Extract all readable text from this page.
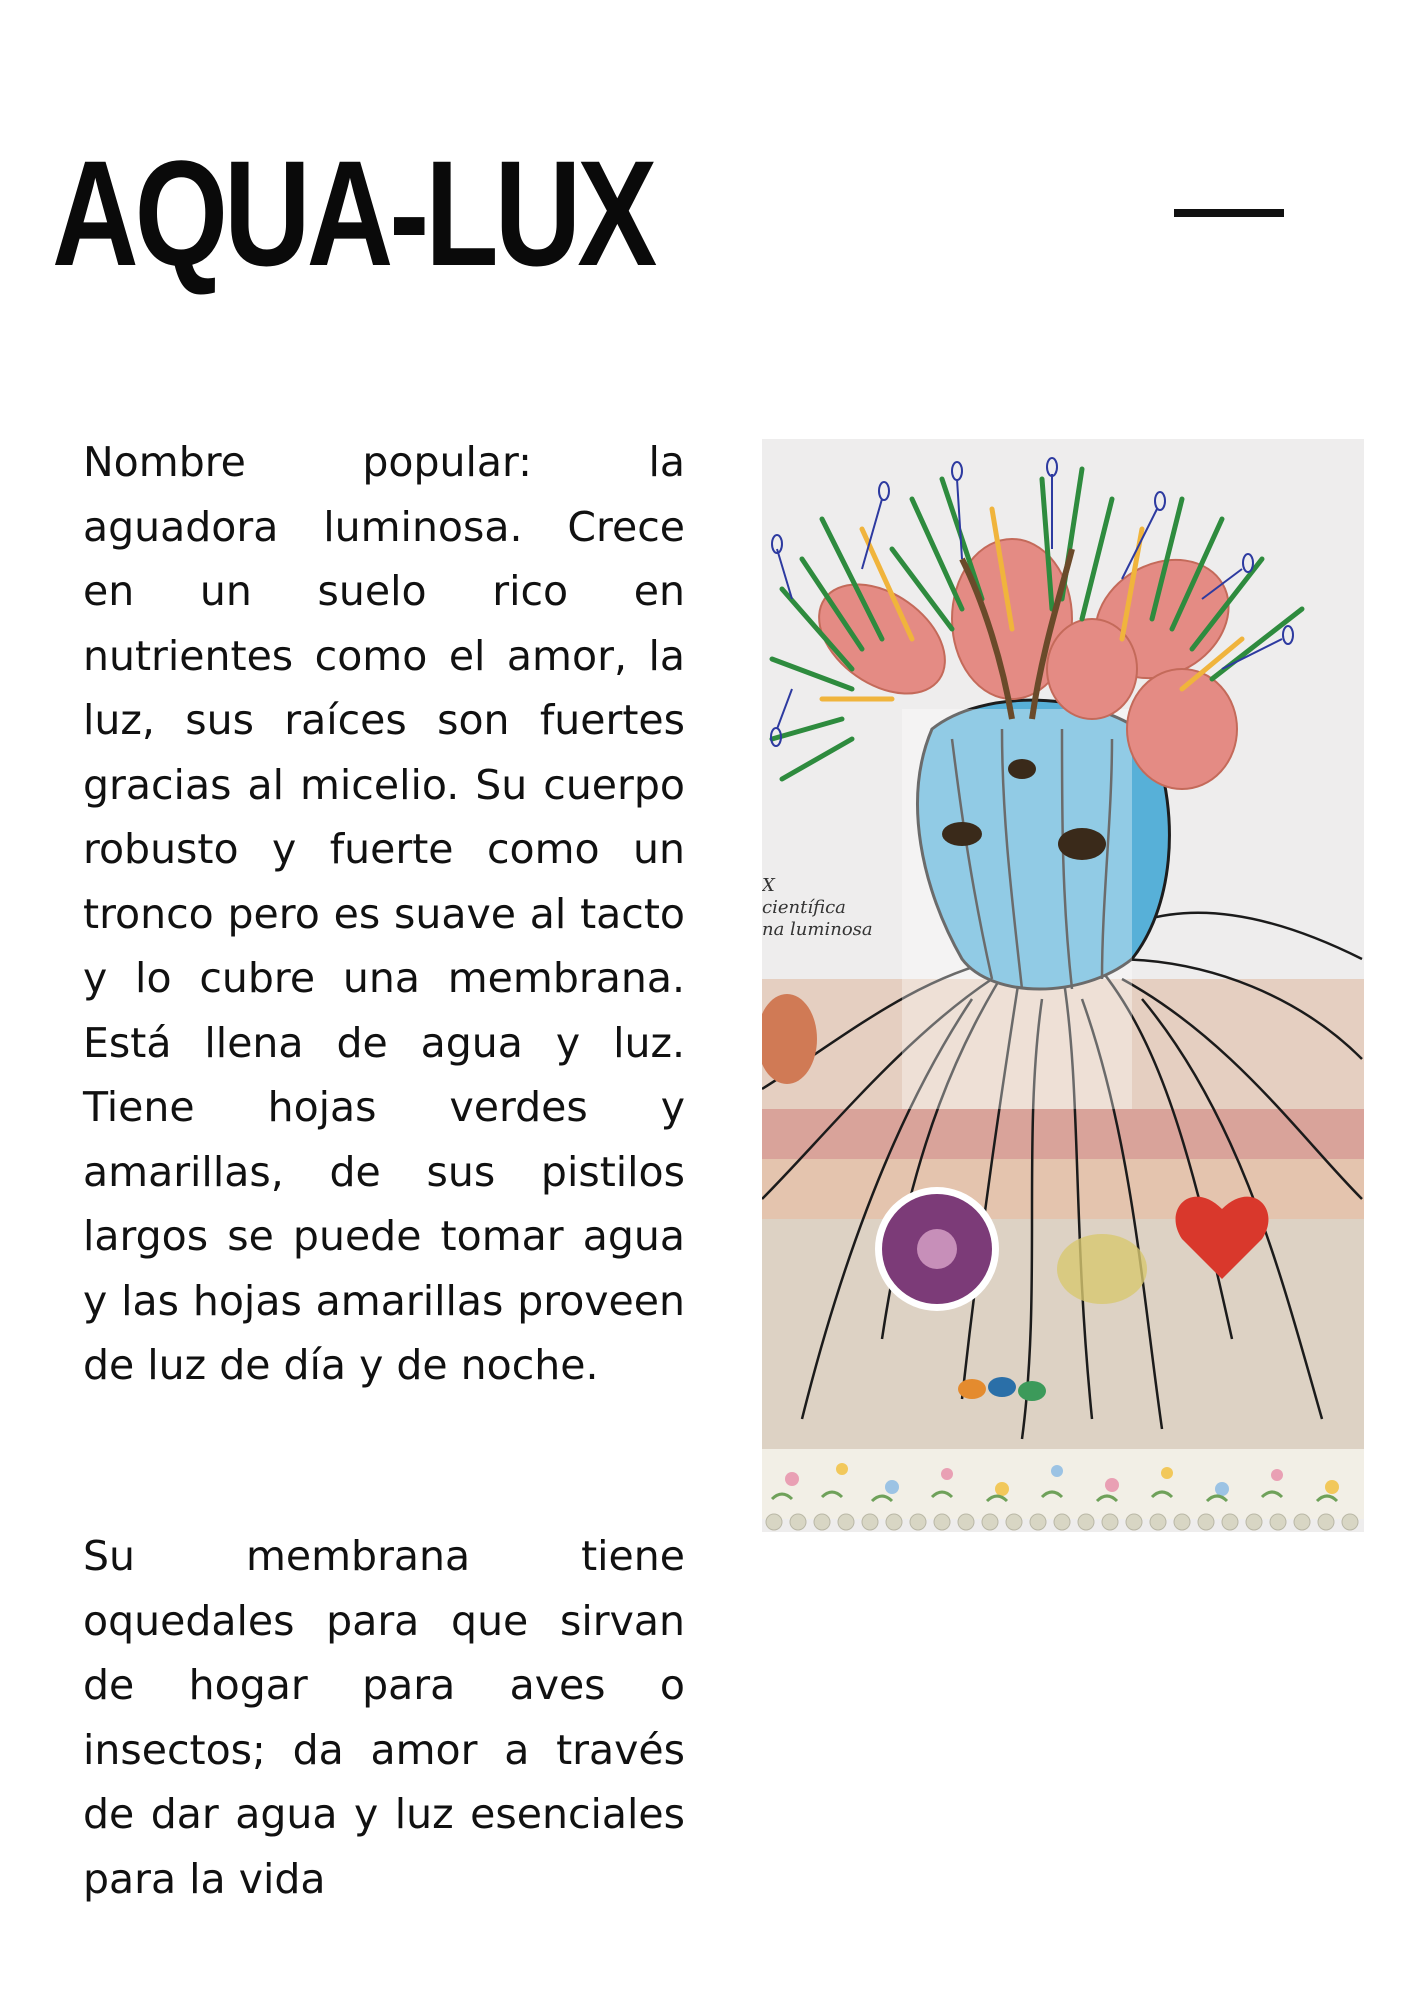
AQUA-LUX

Nombre popular: la aguadora luminosa. Crece en un suelo rico en nutrientes como el amor, la luz, sus raíces son fuertes gracias al micelio. Su cuerpo robusto y fuerte como un tronco pero es suave al tacto y lo cubre una membrana. Está llena de agua y luz. Tiene hojas verdes y amarillas, de sus pistilos largos se puede tomar agua y las hojas amarillas proveen de luz de día y de noche.

Su membrana tiene oquedales para que sirvan de hogar para aves o insectos; da amor a través de dar agua y luz esenciales para la vida

X
científica
na luminosa
